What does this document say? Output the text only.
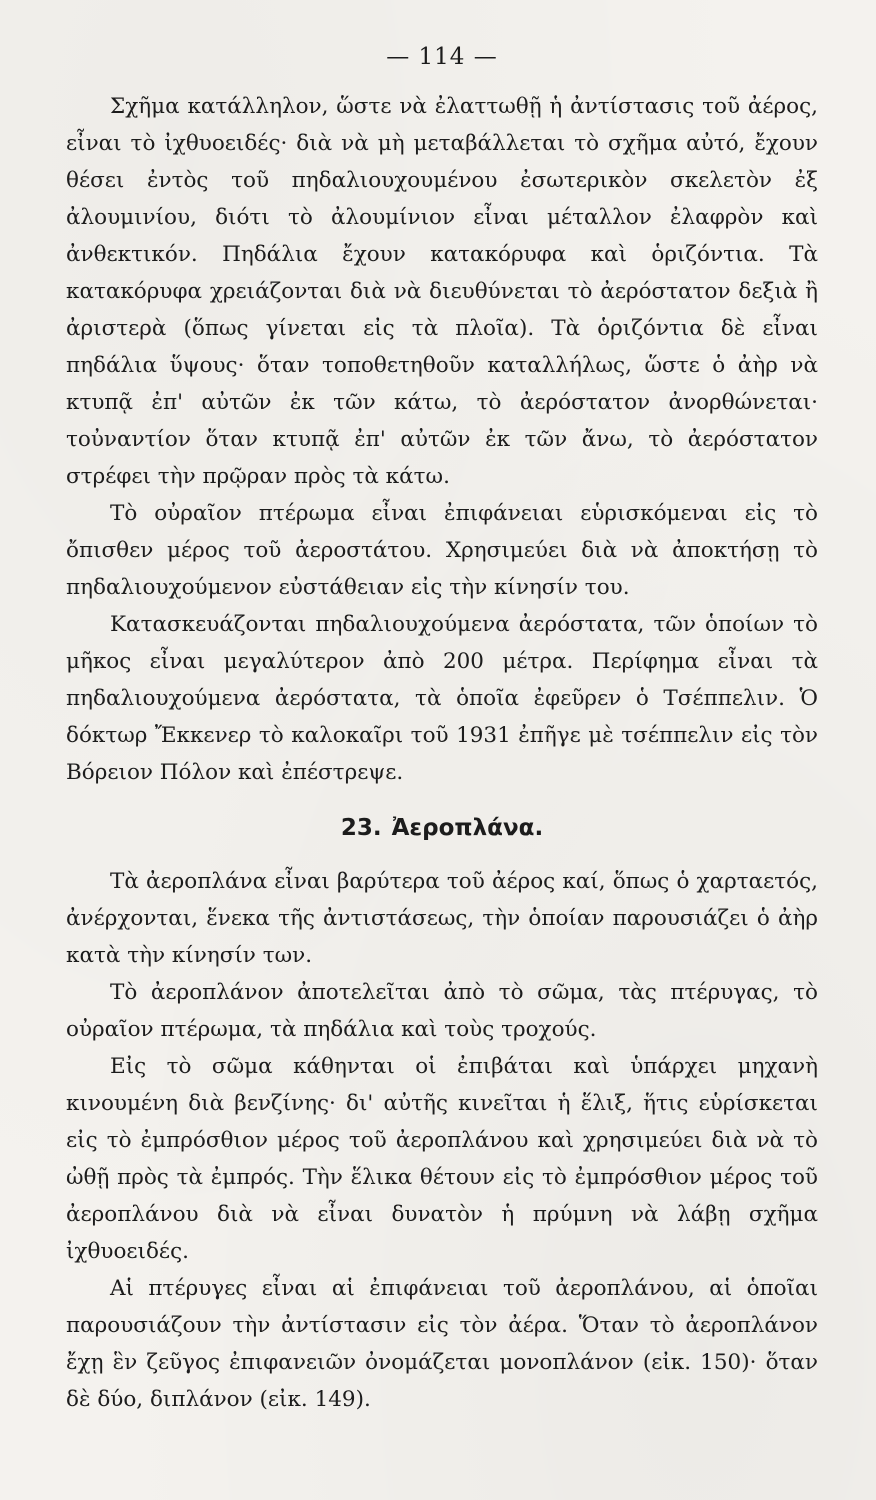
— 114 —

Σχῆμα κατάλληλον, ὥστε νὰ ἐλαττωθῇ ἡ ἀντίστασις τοῦ ἀέρος, εἶναι τὸ ἰχθυοειδές· διὰ νὰ μὴ μεταβάλλεται τὸ σχῆμα αὐτό, ἔχουν θέσει ἐντὸς τοῦ πηδαλιουχουμένου ἐσωτερικὸν σκελετὸν ἐξ ἀλουμινίου, διότι τὸ ἀλουμίνιον εἶναι μέταλλον ἐλαφρὸν καὶ ἀνθεκτικόν. Πηδάλια ἔχουν κατακόρυφα καὶ ὁριζόντια. Τὰ κατακόρυφα χρειάζονται διὰ νὰ διευθύνεται τὸ ἀερόστατον δεξιὰ ἢ ἀριστερὰ (ὅπως γίνεται εἰς τὰ πλοῖα). Τὰ ὁριζόντια δὲ εἶναι πηδάλια ὕψους· ὅταν τοποθετηθοῦν καταλλήλως, ὥστε ὁ ἀὴρ νὰ κτυπᾷ ἐπ' αὐτῶν ἐκ τῶν κάτω, τὸ ἀερόστατον ἀνορθώνεται· τοὐναντίον ὅταν κτυπᾷ ἐπ' αὐτῶν ἐκ τῶν ἄνω, τὸ ἀερόστατον στρέφει τὴν πρῷραν πρὸς τὰ κάτω.

Τὸ οὐραῖον πτέρωμα εἶναι ἐπιφάνειαι εὑρισκόμεναι εἰς τὸ ὄπισθεν μέρος τοῦ ἀεροστάτου. Χρησιμεύει διὰ νὰ ἀποκτήσῃ τὸ πηδαλιουχούμενον εὐστάθειαν εἰς τὴν κίνησίν του.

Κατασκευάζονται πηδαλιουχούμενα ἀερόστατα, τῶν ὁποίων τὸ μῆκος εἶναι μεγαλύτερον ἀπὸ 200 μέτρα. Περίφημα εἶναι τὰ πηδαλιουχούμενα ἀερόστατα, τὰ ὁποῖα ἐφεῦρεν ὁ Τσέππελιν. Ὁ δόκτωρ Ἔκκενερ τὸ καλοκαῖρι τοῦ 1931 ἐπῆγε μὲ τσέππελιν εἰς τὸν Βόρειον Πόλον καὶ ἐπέστρεψε.

23. Ἀεροπλάνα.

Τὰ ἀεροπλάνα εἶναι βαρύτερα τοῦ ἀέρος καί, ὅπως ὁ χαρταετός, ἀνέρχονται, ἕνεκα τῆς ἀντιστάσεως, τὴν ὁποίαν παρουσιάζει ὁ ἀὴρ κατὰ τὴν κίνησίν των.

Τὸ ἀεροπλάνον ἀποτελεῖται ἀπὸ τὸ σῶμα, τὰς πτέρυγας, τὸ οὐραῖον πτέρωμα, τὰ πηδάλια καὶ τοὺς τροχούς.

Εἰς τὸ σῶμα κάθηνται οἱ ἐπιβάται καὶ ὑπάρχει μηχανὴ κινουμένη διὰ βενζίνης· δι' αὐτῆς κινεῖται ἡ ἕλιξ, ἥτις εὑρίσκεται εἰς τὸ ἐμπρόσθιον μέρος τοῦ ἀεροπλάνου καὶ χρησιμεύει διὰ νὰ τὸ ὠθῇ πρὸς τὰ ἐμπρός. Τὴν ἕλικα θέτουν εἰς τὸ ἐμπρόσθιον μέρος τοῦ ἀεροπλάνου διὰ νὰ εἶναι δυνατὸν ἡ πρύμνη νὰ λάβῃ σχῆμα ἰχθυοειδές.

Αἱ πτέρυγες εἶναι αἱ ἐπιφάνειαι τοῦ ἀεροπλάνου, αἱ ὁποῖαι παρουσιάζουν τὴν ἀντίστασιν εἰς τὸν ἀέρα. Ὅταν τὸ ἀεροπλάνον ἔχῃ ἓν ζεῦγος ἐπιφανειῶν ὀνομάζεται μονοπλάνον (εἰκ. 150)· ὅταν δὲ δύο, διπλάνον (εἰκ. 149).
